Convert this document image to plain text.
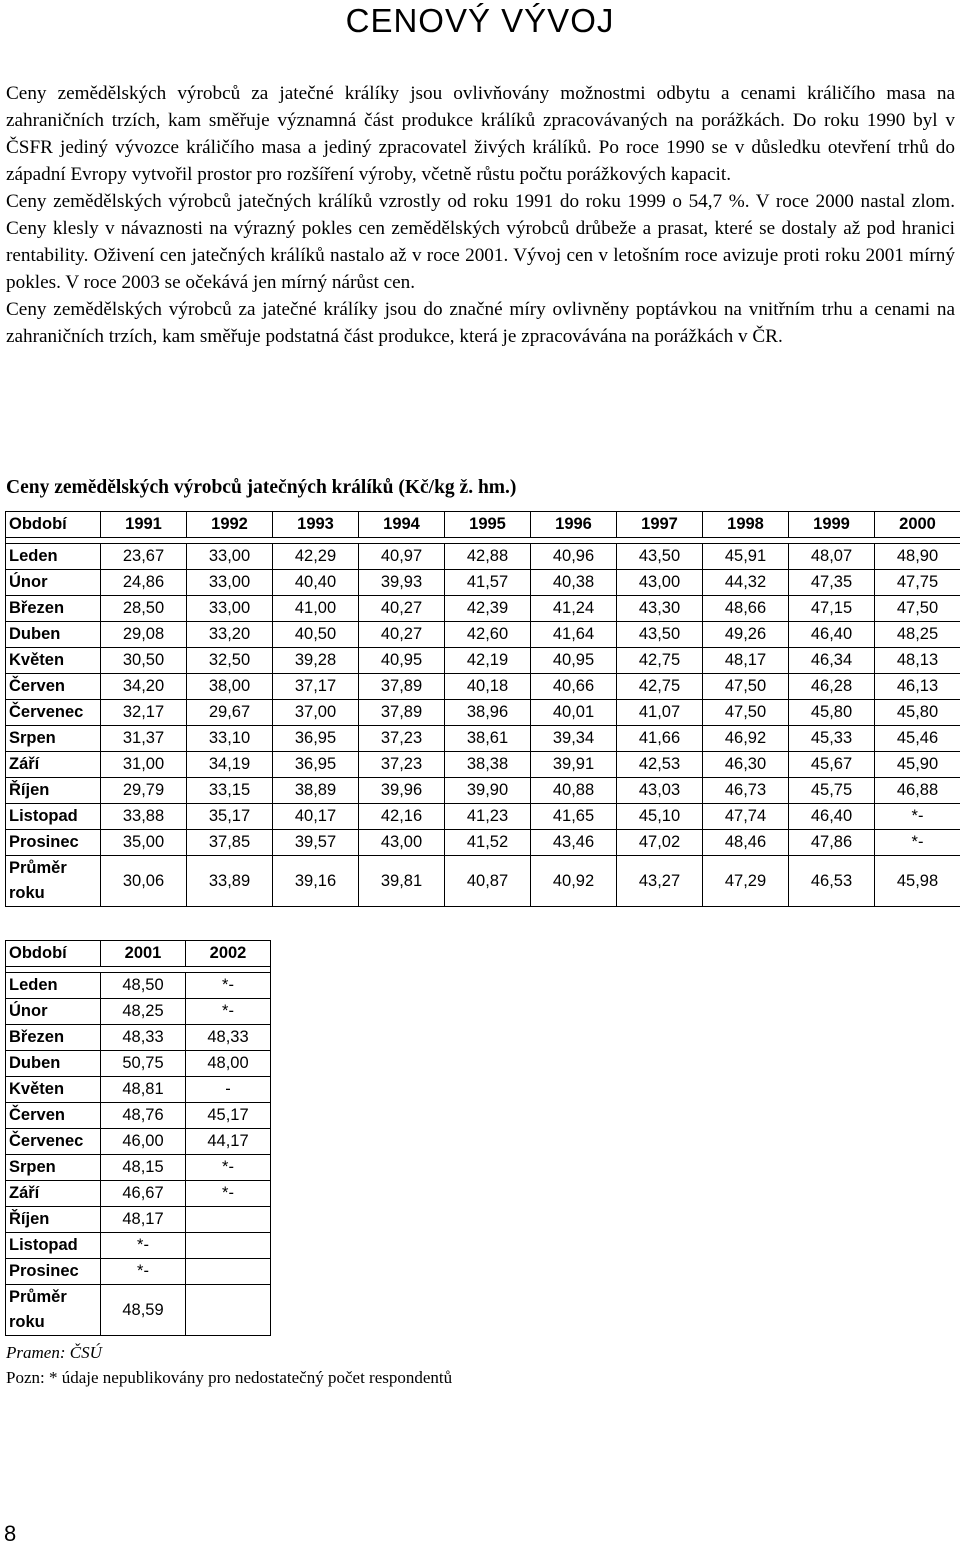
CENOVÝ VÝVOJ

Ceny zemědělských výrobců za jatečné králíky jsou ovlivňovány možnostmi odbytu a cenami králičího masa na zahraničních trzích, kam směřuje významná část produkce králíků zpracovávaných na porážkách. Do roku 1990 byl v ČSFR jediný vývozce králičího masa a jediný zpracovatel živých králíků. Po roce 1990 se v důsledku otevření trhů do západní Evropy vytvořil prostor pro rozšíření výroby, včetně růstu počtu porážkových kapacit.

Ceny zemědělských výrobců jatečných králíků vzrostly od roku 1991 do roku 1999 o 54,7 %. V roce 2000 nastal zlom. Ceny klesly v návaznosti na výrazný pokles cen zemědělských výrobců drůbeže a prasat, které se dostaly až pod hranici rentability. Oživení cen jatečných králíků nastalo až v roce 2001. Vývoj cen v letošním roce avizuje proti roku 2001 mírný pokles. V roce 2003 se očekává jen mírný nárůst cen.

Ceny zemědělských výrobců za jatečné králíky jsou do značné míry ovlivněny poptávkou na vnitřním trhu a cenami na zahraničních trzích, kam směřuje podstatná část produkce, která je zpracovávána na porážkách v ČR.

Ceny zemědělských výrobců jatečných králíků (Kč/kg ž. hm.)
Období	1991	1992	1993	1994	1995	1996	1997	1998	1999	2000

Leden	23,67	33,00	42,29	40,97	42,88	40,96	43,50	45,91	48,07	48,90
Únor	24,86	33,00	40,40	39,93	41,57	40,38	43,00	44,32	47,35	47,75
Březen	28,50	33,00	41,00	40,27	42,39	41,24	43,30	48,66	47,15	47,50
Duben	29,08	33,20	40,50	40,27	42,60	41,64	43,50	49,26	46,40	48,25
Květen	30,50	32,50	39,28	40,95	42,19	40,95	42,75	48,17	46,34	48,13
Červen	34,20	38,00	37,17	37,89	40,18	40,66	42,75	47,50	46,28	46,13
Červenec	32,17	29,67	37,00	37,89	38,96	40,01	41,07	47,50	45,80	45,80
Srpen	31,37	33,10	36,95	37,23	38,61	39,34	41,66	46,92	45,33	45,46
Září	31,00	34,19	36,95	37,23	38,38	39,91	42,53	46,30	45,67	45,90
Říjen	29,79	33,15	38,89	39,96	39,90	40,88	43,03	46,73	45,75	46,88
Listopad	33,88	35,17	40,17	42,16	41,23	41,65	45,10	47,74	46,40	*-
Prosinec	35,00	37,85	39,57	43,00	41,52	43,46	47,02	48,46	47,86	*-
Průměr roku	30,06	33,89	39,16	39,81	40,87	40,92	43,27	47,29	46,53	45,98
Období	2001	2002

Leden	48,50	*-
Únor	48,25	*-
Březen	48,33	48,33
Duben	50,75	48,00
Květen	48,81	-
Červen	48,76	45,17
Červenec	46,00	44,17
Srpen	48,15	*-
Září	46,67	*-
Říjen	48,17	
Listopad	*-	
Prosinec	*-	
Průměr roku	48,59	
Pramen: ČSÚ
Pozn: * údaje nepublikovány pro nedostatečný počet respondentů
8
